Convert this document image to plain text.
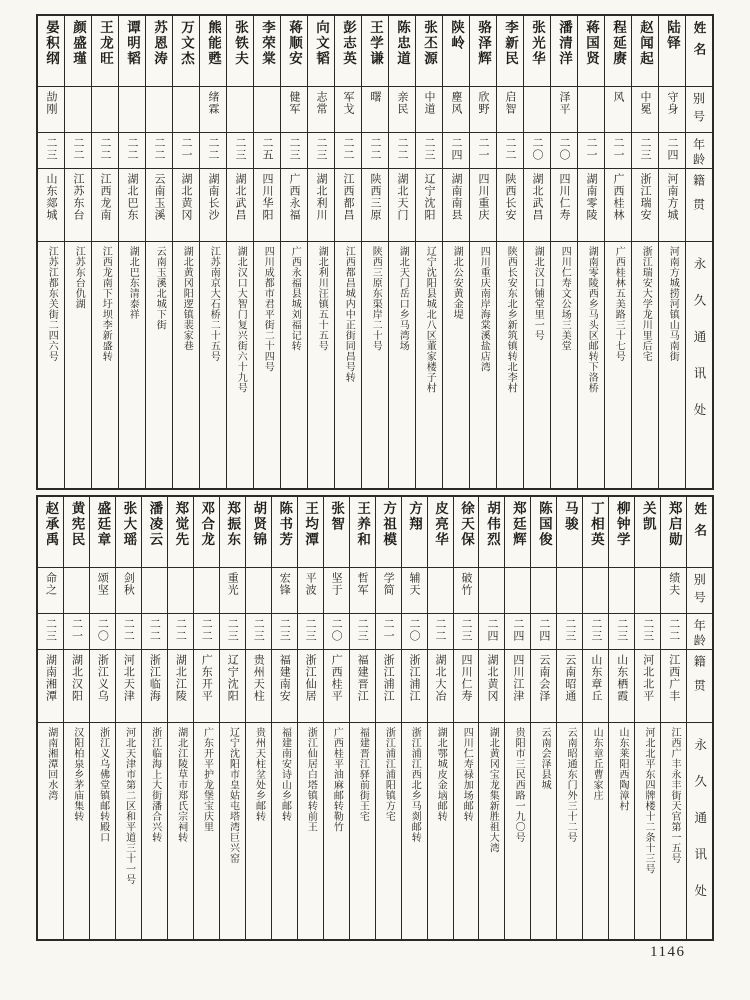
晏积纲
劼刚
二三
山东郯城
江苏江都东关街二四六号
颜盛瑾
二二
江苏东台
江苏东台仇湖
王龙旺
二二
江西龙南
江西龙南下圩坝李新盛转
谭明韬
二二
湖北巴东
湖北巴东清泰祥
苏恩涛
二二
云南玉溪
云南玉溪北城下街
万文杰
二一
湖北黄冈
湖北黄冈阳逻镇裴家巷
熊能甦
绪霖
二二
湖南长沙
江苏南京大石桥二十五号
张铁夫
二三
湖北武昌
湖北汉口大智门复兴街六十九号
李荣棠
二五
四川华阳
四川成都市君平街二十四号
蒋顺安
健军
二三
广西永福
广西永福县城刘福记转
向文韬
志常
二三
湖北利川
湖北利川汪镇五十五号
彭志英
军戈
二二
江西都昌
江西都昌城内中正街同昌号转
王学谦
曙
二二
陕西三原
陕西三原东渠岸二十号
陈忠道
亲民
二二
湖北天门
湖北天门岳口乡马湾场
张丕源
中道
二三
辽宁沈阳
辽宁沈阳县城北八区董家楼子村
陕岭
塵风
二四
湖南南县
湖北公安黄金堤
骆泽辉
欣野
二一
四川重庆
四川重庆南岸海棠溪盐店湾
李新民
启智
二二
陕西长安
陕西长安东北乡新筑镇转北李村
张光华
二〇
湖北武昌
湖北汉口铺堂里一号
潘清洋
泽平
二〇
四川仁寿
四川仁寿文公场三美堂
蒋国贤
二一
湖南零陵
湖南零陵西乡马头区邮转下洛桥
程延赓
风
二一
广西桂林
广西桂林五美路三十七号
赵闻起
中冕
二三
浙江瑞安
浙江瑞安大学龙川里后宅
陆铎
守身
二四
河南方城
河南方城捞河镇山马南街
姓名
别号
年龄
籍贯
永久通讯处
赵承禹
命之
二三
湖南湘潭
湖南湘潭回水湾
黄宪民
二一
湖北汉阳
汉阳柏泉乡茅庙集转
盛廷章
颂坚
二〇
浙江义乌
浙江义乌佛堂镇邮转殿口
张大瑶
剑秋
二二
河北天津
河北天津市第二区和平道三十一号
潘凌云
二二
浙江临海
浙江临海上大街潘合兴转
郑觉先
二二
湖北江陵
湖北江陵草市郑氏宗祠转
邓合龙
二二
广东开平
广东开平护龙堡宝庆里
郑振东
重光
二三
辽宁沈阳
辽宁沈阳市皇姑屯塔湾巨兴窑
胡贤锦
二三
贵州天柱
贵州天柱坌处乡邮转
陈书芳
宏锋
二三
福建南安
福建南安诗山乡邮转
王均潭
平波
二三
浙江仙居
浙江仙居白塔镇转前王
张智
坚于
二〇
广西桂平
广西桂平油麻邮转勒竹
王养和
哲军
二三
福建晋江
福建晋江驿前街王宅
方祖模
学简
二一
浙江浦江
浙江浦江浦阳镇方宅
方翔
辅天
二〇
浙江浦江
浙江浦江西北乡马剡邮转
皮亮华
二二
湖北大冶
湖北鄂城皮金垴邮转
徐天保
破竹
二三
四川仁寿
四川仁寿禄加场邮转
胡伟烈
二四
湖北黄冈
湖北黄冈宝龙集新胜祖大湾
郑廷辉
二四
四川江津
贵阳市三民西路一九〇号
陈国俊
二四
云南会泽
云南会泽县城
马骏
二三
云南昭通
云南昭通东门外三十二号
丁相英
二三
山东章丘
山东章丘曹家庄
柳钟学
二三
山东栖霞
山东莱阳西陶漳村
关凯
二三
河北北平
河北北平东四牌楼十二条十三号
郑启勋
绩夫
二二
江西广丰
江西广丰永丰街天官第一五号
姓名
别号
年龄
籍贯
永久通讯处
1146
